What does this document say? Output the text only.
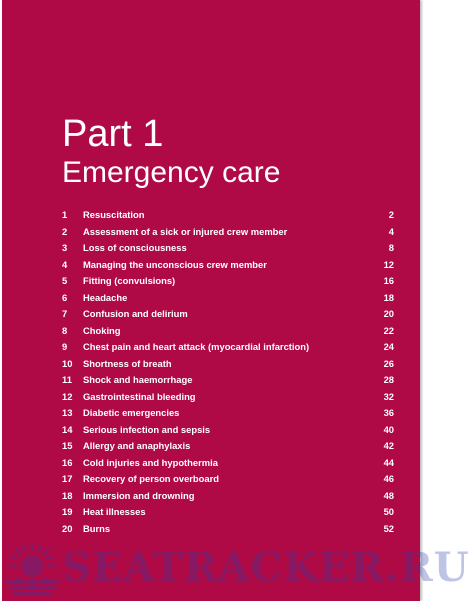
Part 1
Emergency care
1	Resuscitation	2
2	Assessment of a sick or injured crew member	4
3	Loss of consciousness	8
4	Managing the unconscious crew member	12
5	Fitting (convulsions)	16
6	Headache	18
7	Confusion and delirium	20
8	Choking	22
9	Chest pain and heart attack (myocardial infarction)	24
10	Shortness of breath	26
11	Shock and haemorrhage	28
12	Gastrointestinal bleeding	32
13	Diabetic emergencies	36
14	Serious infection and sepsis	40
15	Allergy and anaphylaxis	42
16	Cold injuries and hypothermia	44
17	Recovery of person overboard	46
18	Immersion and drowning	48
19	Heat illnesses	50
20	Burns	52
SEATRACKER.RU
